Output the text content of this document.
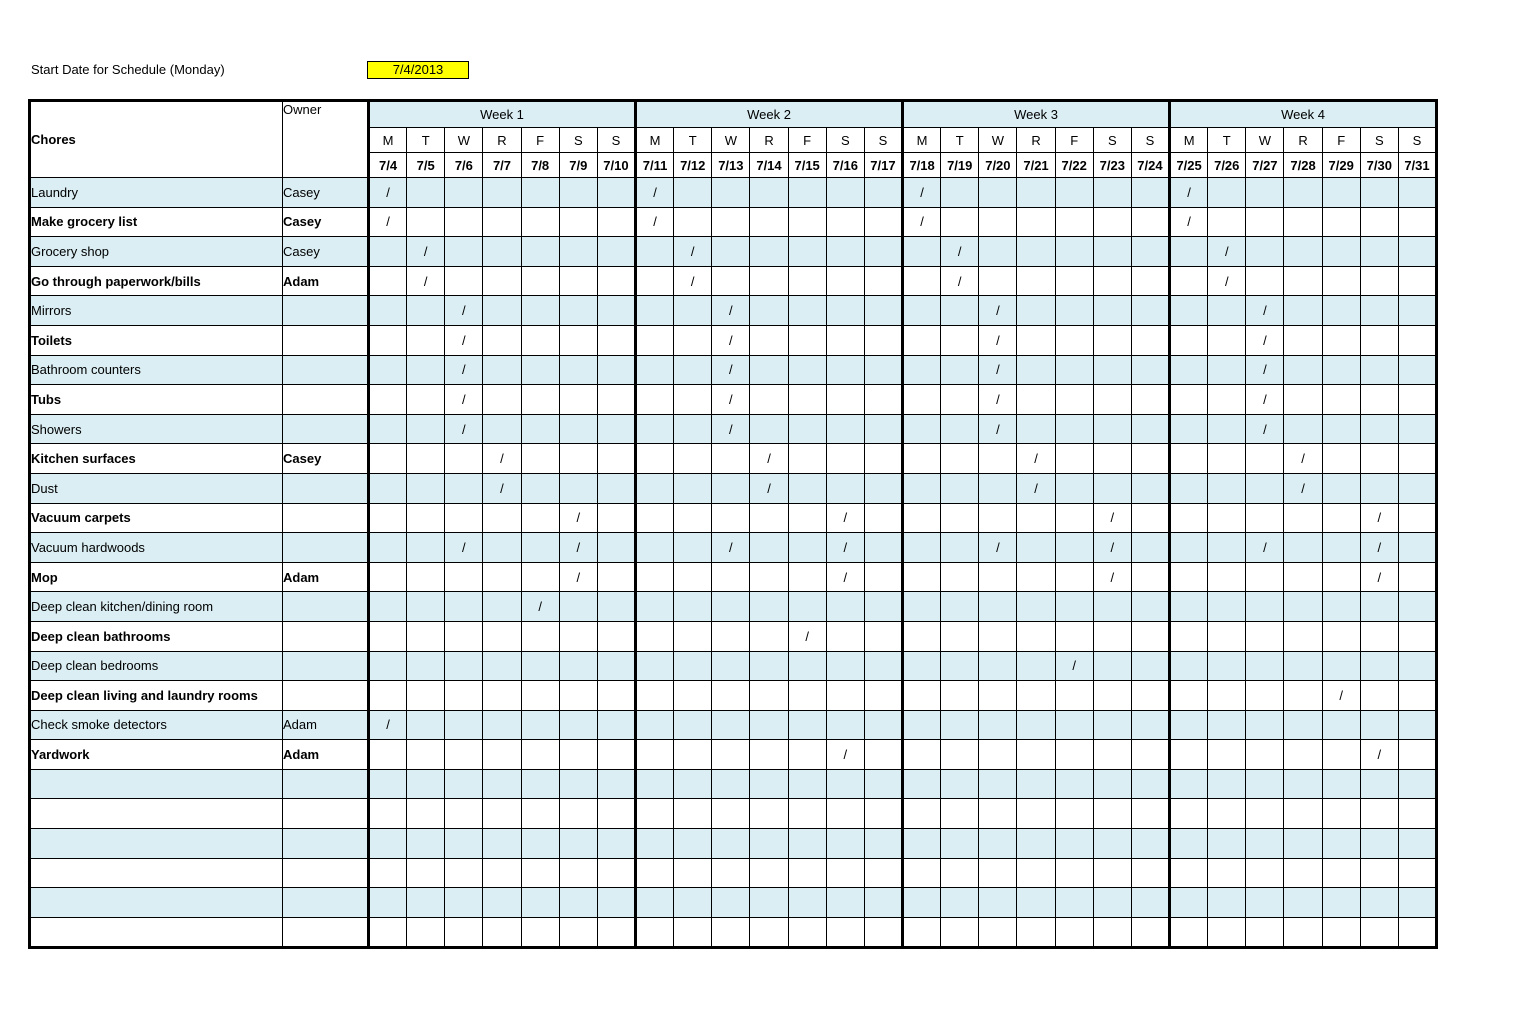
Start Date for Schedule (Monday)	7/4/2013
Chores	Owner	Week 1							Week 2							Week 3							Week 4						
		M	T	W	R	F	S	S	M	T	W	R	F	S	S	M	T	W	R	F	S	S	M	T	W	R	F	S	S
		7/4	7/5	7/6	7/7	7/8	7/9	7/10	7/11	7/12	7/13	7/14	7/15	7/16	7/17	7/18	7/19	7/20	7/21	7/22	7/23	7/24	7/25	7/26	7/27	7/28	7/29	7/30	7/31
Laundry	Casey	/							/							/							/						
Make grocery list	Casey	/							/							/							/						
Grocery shop	Casey		/							/							/							/					
Go through paperwork/bills	Adam		/							/							/							/					
Mirrors				/							/							/							/				
Toilets				/							/							/							/				
Bathroom counters				/							/							/							/				
Tubs				/							/							/							/				
Showers				/							/							/							/				
Kitchen surfaces	Casey				/							/							/							/			
Dust					/							/							/							/			
Vacuum carpets							/							/							/							/	
Vacuum hardwoods				/			/				/			/				/			/				/			/	
Mop	Adam						/							/							/							/	
Deep clean kitchen/dining room						/																							
Deep clean bathrooms													/																
Deep clean bedrooms																				/									
Deep clean living and laundry rooms																											/		
Check smoke detectors	Adam	/																											
Yardwork	Adam													/														/	
